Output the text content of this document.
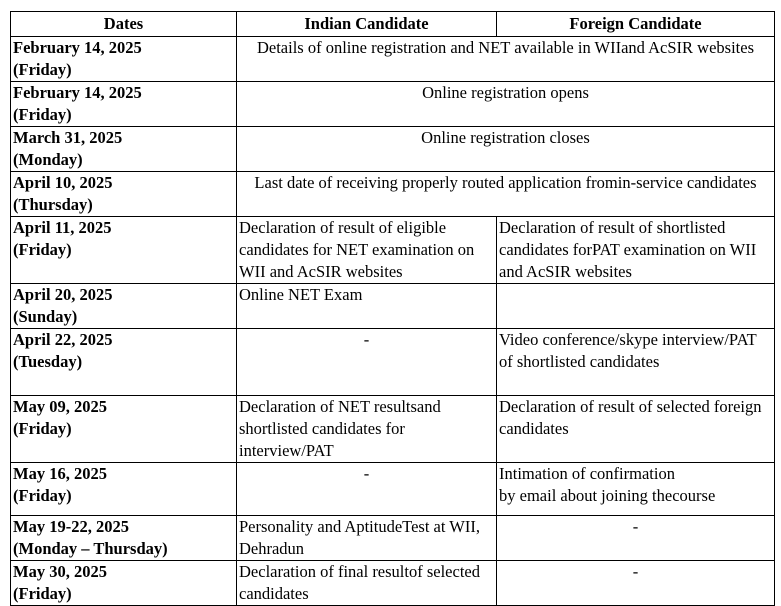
Dates	Indian Candidate	Foreign Candidate
February 14, 2025
(Friday)	Details of online registration and NET available in WIIand AcSIR websites	
February 14, 2025
(Friday)	Online registration opens	
March 31, 2025
(Monday)	Online registration closes	
April 10, 2025
(Thursday)	Last date of receiving properly routed application fromin-service candidates	
April 11, 2025
(Friday)	Declaration of result of eligible candidates for NET examination on WII and AcSIR websites	Declaration of result of shortlisted candidates forPAT examination on WII and AcSIR websites
April 20, 2025
(Sunday)	Online NET Exam	
April 22, 2025
(Tuesday)	-	Video conference/skype interview/PAT of shortlisted candidates
May 09, 2025
(Friday)	Declaration of NET resultsand shortlisted candidates for interview/PAT	Declaration of result of selected foreign candidates
May 16, 2025
(Friday)	-	Intimation of confirmation
by email about joining thecourse
May 19-22, 2025
(Monday – Thursday)	Personality and AptitudeTest at WII, Dehradun	-
May 30, 2025
(Friday)	Declaration of final resultof selected candidates	-
